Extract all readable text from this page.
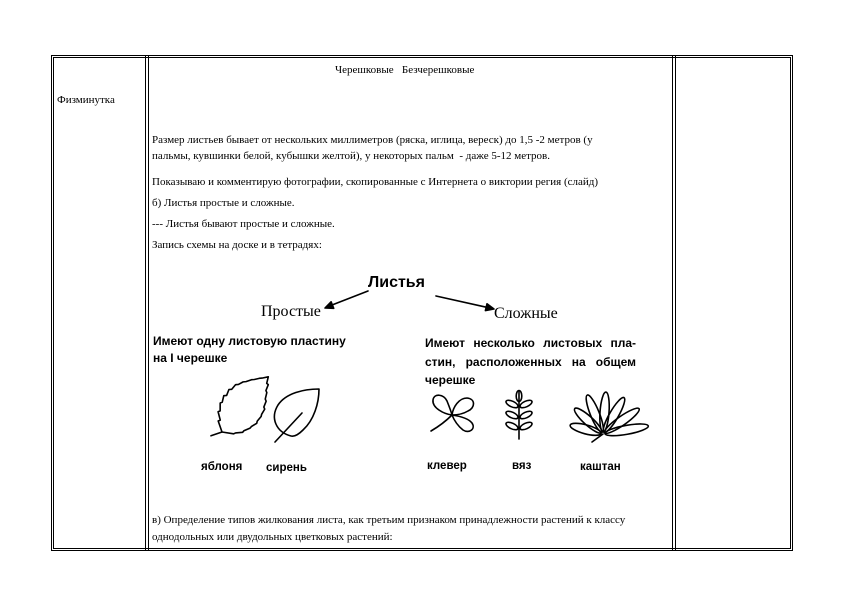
Физминутка
Черешковые   Безчерешковые
Размер листьев бывает от нескольких миллиметров (ряска, иглица, вереск) до 1,5 -2 метров (у
пальмы, кувшинки белой, кубышки желтой), у некоторых пальм  - даже 5-12 метров.
Показываю и комментирую фотографии, скопированные с Интернета о виктории регия (слайд)
б) Листья простые и сложные.
--- Листья бывают простые и сложные.
Запись схемы на доске и в тетрадях:
Листья
Простые	Сложные
Имеют одну листовую пластину
на I черешке
Имеют несколько листовых пла-
стин, расположенных на общем
черешке
яблоня сирень	клевер	вяз	каштан
в) Определение типов жилкования листа, как третьим признаком принадлежности растений к классу
однодольных или двудольных цветковых растений:
